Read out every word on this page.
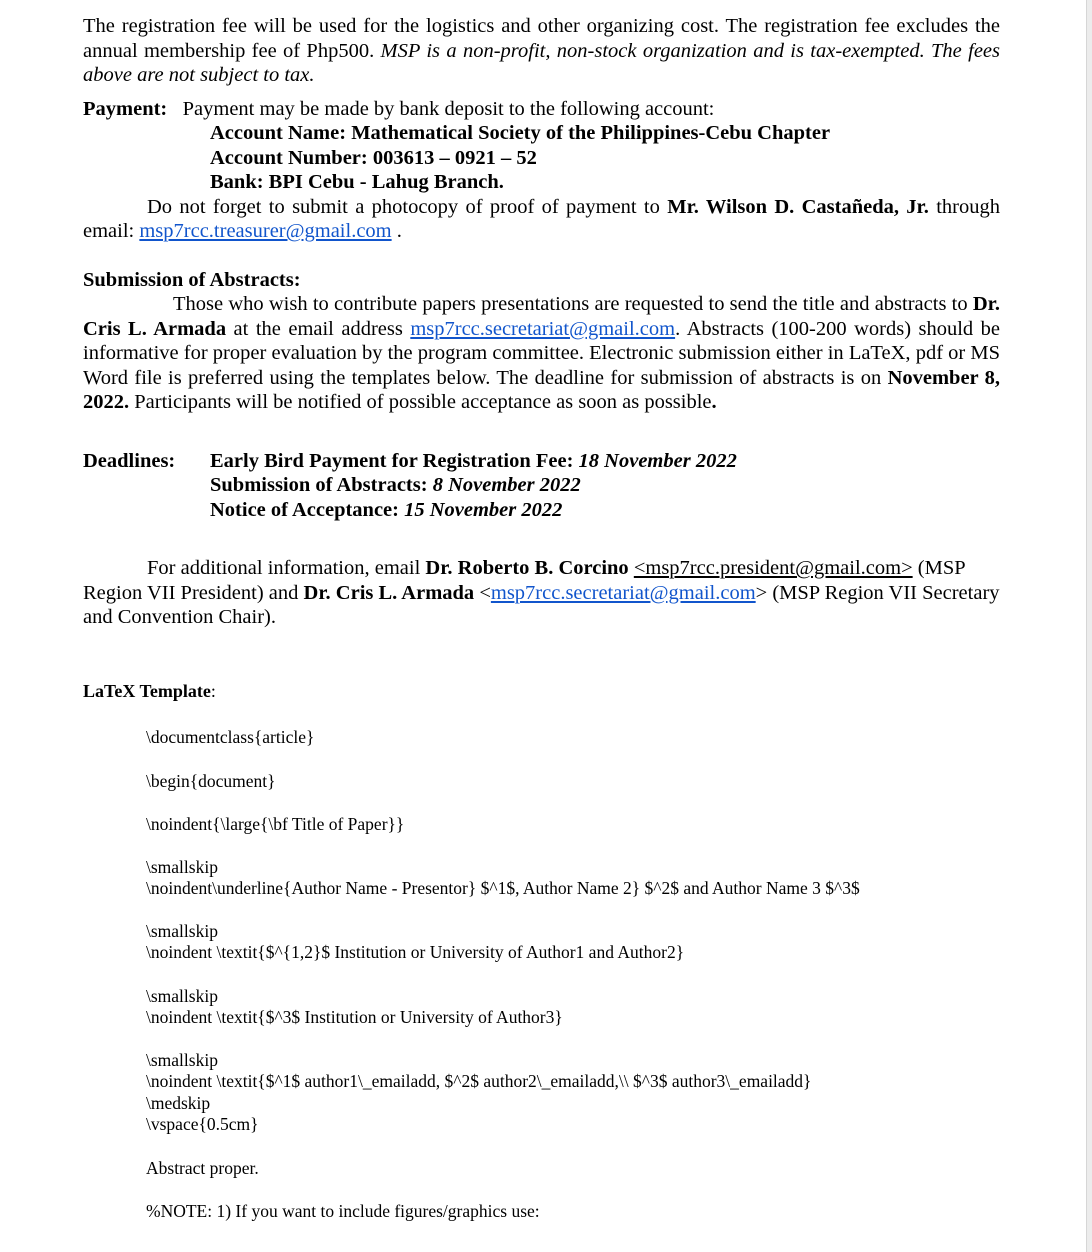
The registration fee will be used for the logistics and other organizing cost. The registration fee excludes the annual membership fee of Php500. MSP is a non-profit, non-stock organization and is tax-exempted. The fees above are not subject to tax.

Payment: Payment may be made by bank deposit to the following account:

Account Name: Mathematical Society of the Philippines-Cebu Chapter

Account Number: 003613 – 0921 – 52

Bank: BPI Cebu - Lahug Branch.

Do not forget to submit a photocopy of proof of payment to Mr. Wilson D. Castañeda, Jr. through email: msp7rcc.treasurer@gmail.com .

Submission of Abstracts:

Those who wish to contribute papers presentations are requested to send the title and abstracts to Dr. Cris L. Armada at the email address msp7rcc.secretariat@gmail.com. Abstracts (100-200 words) should be informative for proper evaluation by the program committee. Electronic submission either in LaTeX, pdf or MS Word file is preferred using the templates below. The deadline for submission of abstracts is on November 8, 2022. Participants will be notified of possible acceptance as soon as possible.

Deadlines:	Early Bird Payment for Registration Fee: 18 November 2022

Submission of Abstracts: 8 November 2022

Notice of Acceptance: 15 November 2022

For additional information, email Dr. Roberto B. Corcino <msp7rcc.president@gmail.com> (MSP Region VII President) and Dr. Cris L. Armada <msp7rcc.secretariat@gmail.com> (MSP Region VII Secretary and Convention Chair).

LaTeX Template:

\documentclass{article}

\begin{document}

\noindent{\large{\bf Title of Paper}}

\smallskip

\noindent\underline{Author Name - Presentor} $^1$, Author Name 2} $^2$ and Author Name 3 $^3$

\smallskip

\noindent \textit{$^{1,2}$ Institution or University of Author1 and Author2}

\smallskip

\noindent \textit{$^3$ Institution or University of Author3}

\smallskip

\noindent \textit{$^1$ author1\_emailadd, $^2$ author2\_emailadd,\\ $^3$ author3\_emailadd}

\medskip

\vspace{0.5cm}

Abstract proper.

%NOTE: 1) If you want to include figures/graphics use:
